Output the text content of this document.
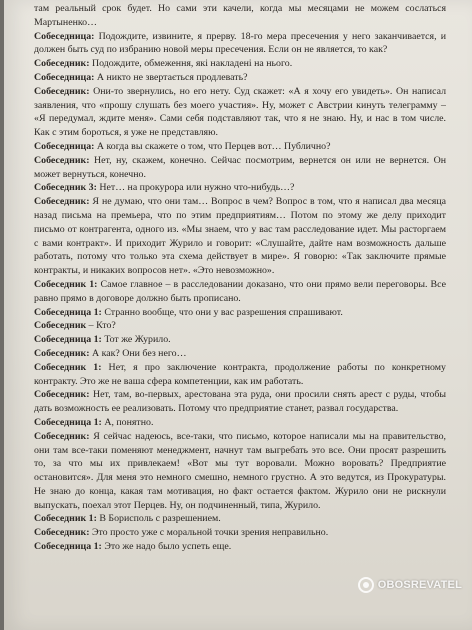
там реальный срок будет. Но сами эти качели, когда мы месяцами не можем сослаться Мартыненко…

Собеседница: Подождите, извините, я прерву. 18-го мера пресечения у него заканчивается, и должен быть суд по избранию новой меры пресечения. Если он не является, то как?

Собеседник: Подождите, обмеження, які накладені на нього.

Собеседница: А никто не звертається продлевать?

Собеседник: Они-то звернулись, но его нету. Суд скажет: «А я хочу его увидеть». Он написал заявления, что «прошу слушать без моего участия». Ну, может с Австрии кинуть телеграмму – «Я передумал, ждите меня». Сами себя подставляют так, что я не знаю. Ну, и нас в том числе. Как с этим бороться, я уже не представляю.

Собеседница: А когда вы скажете о том, что Перцев вот… Публично?

Собеседник: Нет, ну, скажем, конечно. Сейчас посмотрим, вернется он или не вернется. Он может вернуться, конечно.

Собеседник 3: Нет… на прокурора или нужно что-нибудь…?

Собеседник: Я не думаю, что они там… Вопрос в чем? Вопрос в том, что я написал два месяца назад письма на премьера, что по этим предприятиям… Потом по этому же делу приходит письмо от контрагента, одного из. «Мы знаем, что у вас там расследование идет. Мы расторгаем с вами контракт». И приходит Журило и говорит: «Слушайте, дайте нам возможность дальше работать, потому что только эта схема действует в мире». Я говорю: «Так заключите прямые контракты, и никаких вопросов нет». «Это невозможно».

Собеседник 1: Самое главное – в расследовании доказано, что они прямо вели переговоры. Все равно прямо в договоре должно быть прописано.

Собеседница 1: Странно вообще, что они у вас разрешения спрашивают.

Собеседник – Кто?

Собеседница 1: Тот же Журило.

Собеседник: А как? Они без него…

Собеседник 1: Нет, я про заключение контракта, продолжение работы по конкретному контракту. Это же не ваша сфера компетенции, как им работать.

Собеседник: Нет, там, во-первых, арестована эта руда, они просили снять арест с руды, чтобы дать возможность ее реализовать. Потому что предприятие станет, развал государства.

Собеседница 1: А, понятно.

Собеседник: Я сейчас надеюсь, все-таки, что письмо, которое написали мы на правительство, они там все-таки поменяют менеджмент, начнут там выгребать это все. Они просят разрешить то, за что мы их привлекаем! «Вот мы тут воровали. Можно воровать? Предприятие остановится». Для меня это немного смешно, немного грустно. А это ведутся, из Прокуратуры. Не знаю до конца, какая там мотивация, но факт остается фактом. Журило они не рискнули выпускать, поехал этот Перцев. Ну, он подчиненный, типа, Журило.

Собеседник 1: В Борисполь с разрешением.

Собеседник: Это просто уже с моральной точки зрения неправильно.

Собеседница 1: Это же надо было успеть еще.

OBOSREVATEL
